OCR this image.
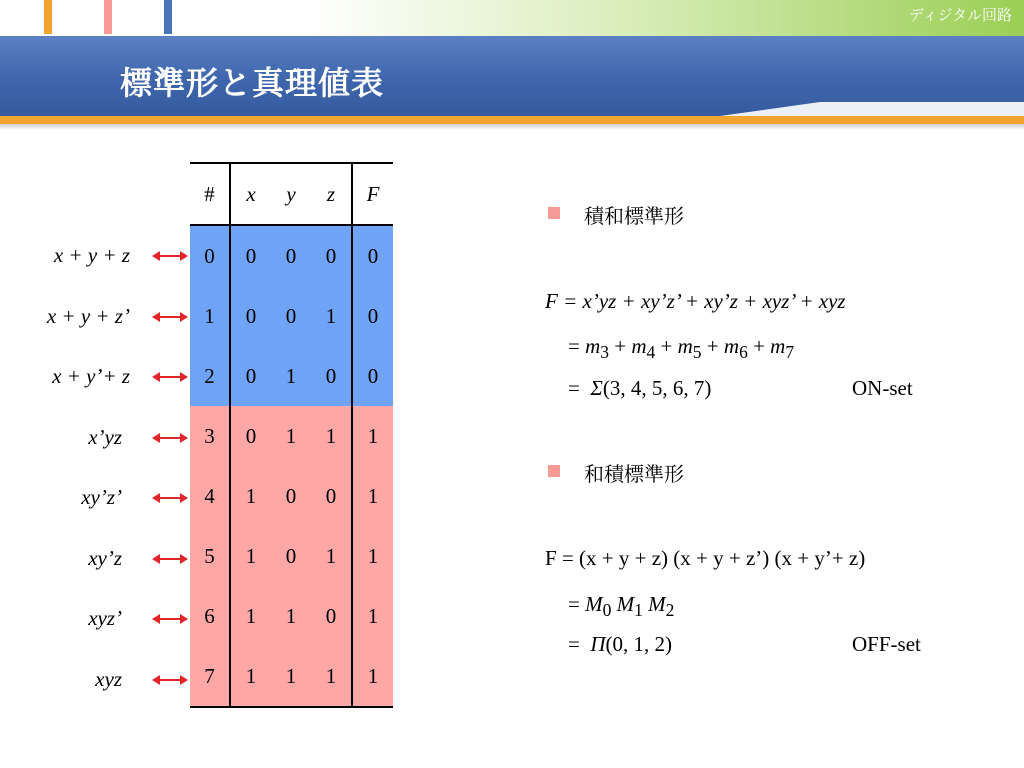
ディジタル回路
標準形と真理値表
#	x	y	z	F
0	0	0	0	0
1	0	0	1	0
2	0	1	0	0
3	0	1	1	1
4	1	0	0	1
5	1	0	1	1
6	1	1	0	1
7	1	1	1	1
x + y + z
x + y + z’
x + y’+ z
x’yz
xy’z’
xy’z
xyz’
xyz
積和標準形
F = x’yz + xy’z’ + xy’z + xyz’ + xyz
= $m_3 + m_4 + m_5 + m_6 + m_7$
=  Σ(3, 4, 5, 6, 7)	ON-set
和積標準形
F = (x + y + z) (x + y + z’) (x + y’+ z)
= $M_0$ $M_1$ $M_2$
=  Π(0, 1, 2)	OFF-set
